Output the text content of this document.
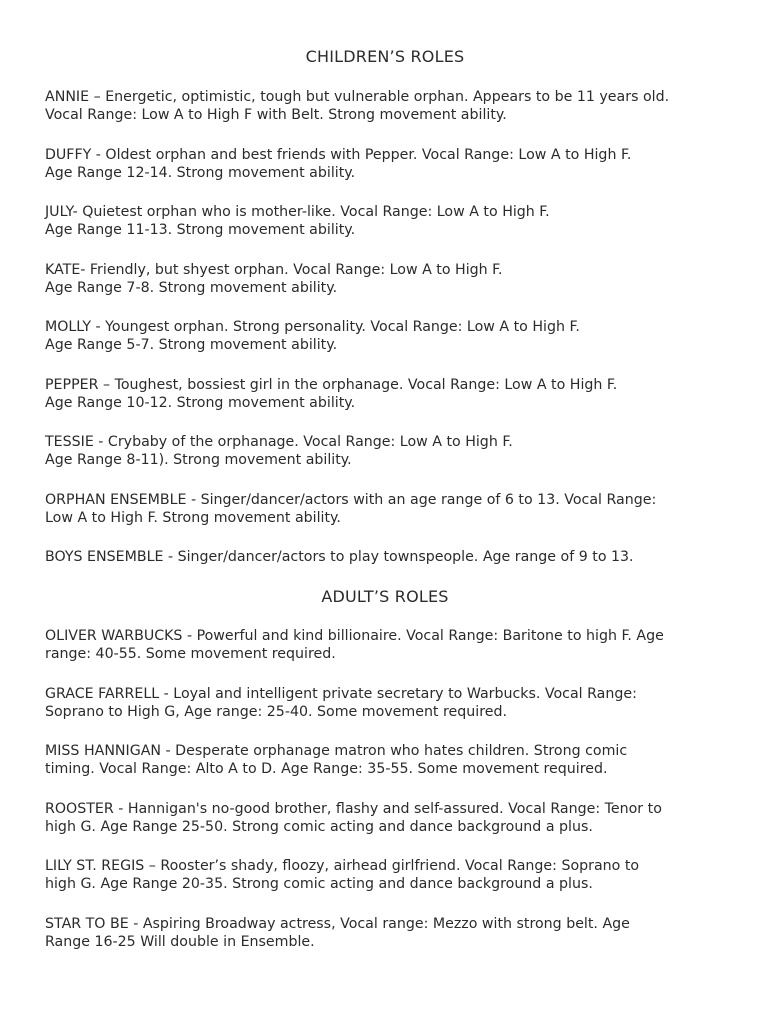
CHILDREN’S ROLES

ANNIE – Energetic, optimistic, tough but vulnerable orphan. Appears to be 11 years old.
Vocal Range: Low A to High F with Belt. Strong movement ability.

DUFFY - Oldest orphan and best friends with Pepper. Vocal Range: Low A to High F.
Age Range 12-14. Strong movement ability.

JULY- Quietest orphan who is mother-like. Vocal Range: Low A to High F.
Age Range 11-13. Strong movement ability.

KATE- Friendly, but shyest orphan. Vocal Range: Low A to High F.
Age Range 7-8. Strong movement ability.

MOLLY - Youngest orphan. Strong personality. Vocal Range: Low A to High F.
Age Range 5-7. Strong movement ability.

PEPPER – Toughest, bossiest girl in the orphanage. Vocal Range: Low A to High F.
Age Range 10-12. Strong movement ability.

TESSIE - Crybaby of the orphanage. Vocal Range: Low A to High F.
Age Range 8-11). Strong movement ability.

ORPHAN ENSEMBLE - Singer/dancer/actors with an age range of 6 to 13. Vocal Range:
Low A to High F. Strong movement ability.

BOYS ENSEMBLE - Singer/dancer/actors to play townspeople. Age range of 9 to 13.

ADULT’S ROLES

OLIVER WARBUCKS - Powerful and kind billionaire. Vocal Range: Baritone to high F. Age
range: 40-55. Some movement required.

GRACE FARRELL - Loyal and intelligent private secretary to Warbucks. Vocal Range:
Soprano to High G, Age range: 25-40. Some movement required.

MISS HANNIGAN - Desperate orphanage matron who hates children. Strong comic
timing. Vocal Range: Alto A to D. Age Range: 35-55. Some movement required.

ROOSTER - Hannigan's no-good brother, flashy and self-assured. Vocal Range: Tenor to
high G. Age Range 25-50. Strong comic acting and dance background a plus.

LILY ST. REGIS – Rooster’s shady, floozy, airhead girlfriend. Vocal Range: Soprano to
high G. Age Range 20-35. Strong comic acting and dance background a plus.

STAR TO BE - Aspiring Broadway actress, Vocal range: Mezzo with strong belt. Age
Range 16-25 Will double in Ensemble.
